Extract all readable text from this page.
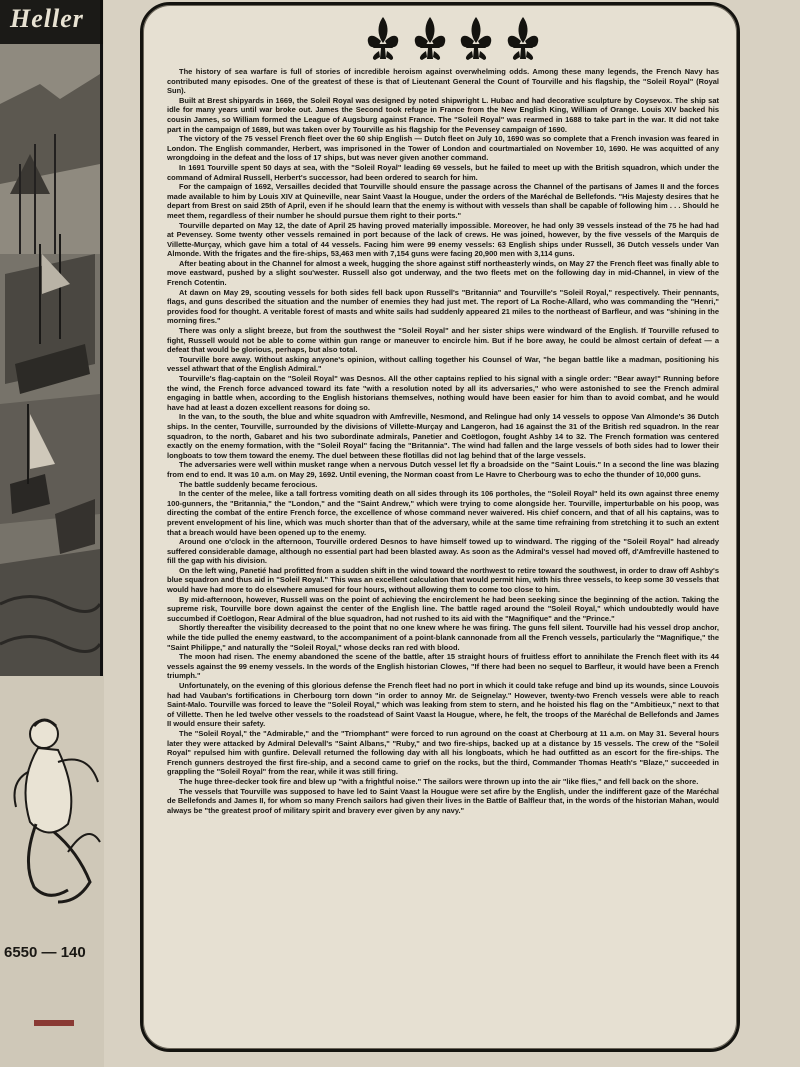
Heller
6550 — 140

The history of sea warfare is full of stories of incredible heroism against overwhelming odds. Among these many legends, the French Navy has contributed many episodes. One of the greatest of these is that of Lieutenant General the Count of Tourville and his flagship, the "Soleil Royal" (Royal Sun).

Built at Brest shipyards in 1669, the Soleil Royal was designed by noted shipwright L. Hubac and had decorative sculpture by Coysevox. The ship sat idle for many years until war broke out. James the Second took refuge in France from the New English King, William of Orange. Louis XIV backed his cousin James, so William formed the League of Augsburg against France. The "Soleil Royal" was rearmed in 1688 to take part in the war. It did not take part in the campaign of 1689, but was taken over by Tourville as his flagship for the Pevensey campaign of 1690.

The victory of the 75 vessel French fleet over the 60 ship English — Dutch fleet on July 10, 1690 was so complete that a French invasion was feared in London. The English commander, Herbert, was imprisoned in the Tower of London and courtmartialed on November 10, 1690. He was acquitted of any wrongdoing in the defeat and the loss of 17 ships, but was never given another command.

In 1691 Tourville spent 50 days at sea, with the "Soleil Royal" leading 69 vessels, but he failed to meet up with the British squadron, which under the command of Admiral Russell, Herbert's successor, had been ordered to search for him.

For the campaign of 1692, Versailles decided that Tourville should ensure the passage across the Channel of the partisans of James II and the forces made available to him by Louis XIV at Quineville, near Saint Vaast la Hougue, under the orders of the Maréchal de Bellefonds. "His Majesty desires that he depart from Brest on said 25th of April, even if he should learn that the enemy is without with vessels than shall be capable of following him . . . Should he meet them, regardless of their number he should pursue them right to their ports."

Tourville departed on May 12, the date of April 25 having proved materially impossible. Moreover, he had only 39 vessels instead of the 75 he had had at Pevensey. Some twenty other vessels remained in port because of the lack of crews. He was joined, however, by the five vessels of the Marquis de Villette-Murçay, which gave him a total of 44 vessels. Facing him were 99 enemy vessels: 63 English ships under Russell, 36 Dutch vessels under Van Almonde. With the frigates and the fire-ships, 53,463 men with 7,154 guns were facing 20,900 men with 3,114 guns.

After beating about in the Channel for almost a week, hugging the shore against stiff northeasterly winds, on May 27 the French fleet was finally able to move eastward, pushed by a slight sou'wester. Russell also got underway, and the two fleets met on the following day in mid-Channel, in view of the French Cotentin.

At dawn on May 29, scouting vessels for both sides fell back upon Russell's "Britannia" and Tourville's "Soleil Royal," respectively. Their pennants, flags, and guns described the situation and the number of enemies they had just met. The report of La Roche-Allard, who was commanding the "Henri," provides food for thought. A veritable forest of masts and white sails had suddenly appeared 21 miles to the northeast of Barfleur, and was "shining in the morning fires."

There was only a slight breeze, but from the southwest the "Soleil Royal" and her sister ships were windward of the English. If Tourville refused to fight, Russell would not be able to come within gun range or maneuver to encircle him. But if he bore away, he could be almost certain of defeat — a defeat that would be glorious, perhaps, but also total.

Tourville bore away. Without asking anyone's opinion, without calling together his Counsel of War, "he began battle like a madman, positioning his vessel athwart that of the English Admiral."

Tourville's flag-captain on the "Soleil Royal" was Desnos. All the other captains replied to his signal with a single order: "Bear away!" Running before the wind, the French force advanced toward its fate "with a resolution noted by all its adversaries," who were astonished to see the French admiral engaging in battle when, according to the English historians themselves, nothing would have been easier for him than to avoid combat, and he would have had at least a dozen excellent reasons for doing so.

In the van, to the south, the blue and white squadron with Amfreville, Nesmond, and Relingue had only 14 vessels to oppose Van Almonde's 36 Dutch ships. In the center, Tourville, surrounded by the divisions of Villette-Murçay and Langeron, had 16 against the 31 of the British red squadron. In the rear squadron, to the north, Gabaret and his two subordinate admirals, Panetier and Coëtlogon, fought Ashby 14 to 32. The French formation was centered exactly on the enemy formation, with the "Soleil Royal" facing the "Britannia". The wind had fallen and the large vessels of both sides had to lower their longboats to tow them toward the enemy. The duel between these flotillas did not lag behind that of the large vessels.

The adversaries were well within musket range when a nervous Dutch vessel let fly a broadside on the "Saint Louis." In a second the line was blazing from end to end. It was 10 a.m. on May 29, 1692. Until evening, the Norman coast from Le Havre to Cherbourg was to echo the thunder of 10,000 guns.

The battle suddenly became ferocious.

In the center of the melee, like a tall fortress vomiting death on all sides through its 106 portholes, the "Soleil Royal" held its own against three enemy 100-gunners, the "Britannia," the "London," and the "Saint Andrew," which were trying to come alongside her. Tourville, imperturbable on his poop, was directing the combat of the entire French force, the excellence of whose command never waivered. His chief concern, and that of all his captains, was to prevent envelopment of his line, which was much shorter than that of the adversary, while at the same time refraining from stretching it to such an extent that a breach would have been opened up to the enemy.

Around one o'clock in the afternoon, Tourville ordered Desnos to have himself towed up to windward. The rigging of the "Soleil Royal" had already suffered considerable damage, although no essential part had been blasted away. As soon as the Admiral's vessel had moved off, d'Amfreville hastened to fill the gap with his division.

On the left wing, Panetié had profitted from a sudden shift in the wind toward the northwest to retire toward the southwest, in order to draw off Ashby's blue squadron and thus aid in "Soleil Royal." This was an excellent calculation that would permit him, with his three vessels, to keep some 30 vessels that would have had more to do elsewhere amused for four hours, without allowing them to come too close to him.

By mid-afternoon, however, Russell was on the point of achieving the encirclement he had been seeking since the beginning of the action. Taking the supreme risk, Tourville bore down against the center of the English line. The battle raged around the "Soleil Royal," which undoubtedly would have succumbed if Coëtlogon, Rear Admiral of the blue squadron, had not rushed to its aid with the "Magnifique" and the "Prince."

Shortly thereafter the visibility decreased to the point that no one knew where he was firing. The guns fell silent. Tourville had his vessel drop anchor, while the tide pulled the enemy eastward, to the accompaniment of a point-blank cannonade from all the French vessels, particularly the "Magnifique," the "Saint Philippe," and naturally the "Soleil Royal," whose decks ran red with blood.

The moon had risen. The enemy abandoned the scene of the battle, after 15 straight hours of fruitless effort to annihilate the French fleet with its 44 vessels against the 99 enemy vessels. In the words of the English historian Clowes, "If there had been no sequel to Barfleur, it would have been a French triumph."

Unfortunately, on the evening of this glorious defense the French fleet had no port in which it could take refuge and bind up its wounds, since Louvois had had Vauban's fortifications in Cherbourg torn down "in order to annoy Mr. de Seignelay." However, twenty-two French vessels were able to reach Saint-Malo. Tourville was forced to leave the "Soleil Royal," which was leaking from stem to stern, and he hoisted his flag on the "Ambitieux," next to that of Villette. Then he led twelve other vessels to the roadstead of Saint Vaast la Hougue, where, he felt, the troops of the Maréchal de Bellefonds and James II would ensure their safety.

The "Soleil Royal," the "Admirable," and the "Triomphant" were forced to run aground on the coast at Cherbourg at 11 a.m. on May 31. Several hours later they were attacked by Admiral Delevall's "Saint Albans," "Ruby," and two fire-ships, backed up at a distance by 15 vessels. The crew of the "Soleil Royal" repulsed him with gunfire. Delevall returned the following day with all his longboats, which he had outfitted as an escort for the fire-ships. The French gunners destroyed the first fire-ship, and a second came to grief on the rocks, but the third, Commander Thomas Heath's "Blaze," succeeded in grappling the "Soleil Royal" from the rear, while it was still firing.

The huge three-decker took fire and blew up "with a frightful noise." The sailors were thrown up into the air "like flies," and fell back on the shore.

The vessels that Tourville was supposed to have led to Saint Vaast la Hougue were set afire by the English, under the indifferent gaze of the Maréchal de Bellefonds and James II, for whom so many French sailors had given their lives in the Battle of Balfleur that, in the words of the historian Mahan, would always be "the greatest proof of military spirit and bravery ever given by any navy."
